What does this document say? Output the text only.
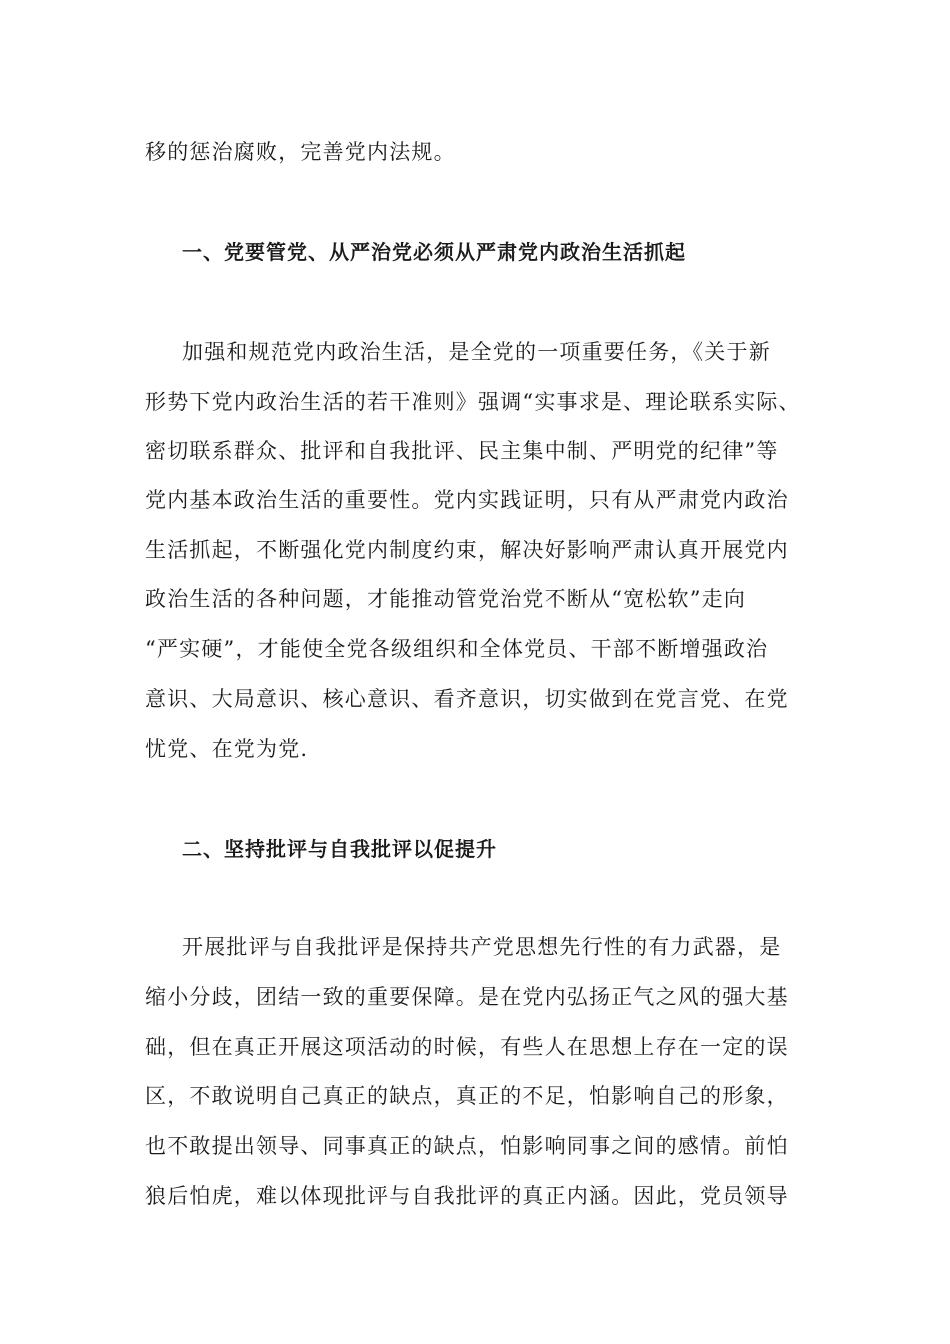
移的惩治腐败，完善党内法规。
一、党要管党、从严治党必须从严肃党内政治生活抓起
加强和规范党内政治生活，是全党的一项重要任务，《关于新
形势下党内政治生活的若干准则》强调“实事求是、理论联系实际、
密切联系群众、批评和自我批评、民主集中制、严明党的纪律”等
党内基本政治生活的重要性。党内实践证明，只有从严肃党内政治
生活抓起，不断强化党内制度约束，解决好影响严肃认真开展党内
政治生活的各种问题，才能推动管党治党不断从“宽松软”走向
“严实硬”，才能使全党各级组织和全体党员、干部不断增强政治
意识、大局意识、核心意识、看齐意识，切实做到在党言党、在党
忧党、在党为党.
二、坚持批评与自我批评以促提升
开展批评与自我批评是保持共产党思想先行性的有力武器，是
缩小分歧，团结一致的重要保障。是在党内弘扬正气之风的强大基
础，但在真正开展这项活动的时候，有些人在思想上存在一定的误
区，不敢说明自己真正的缺点，真正的不足，怕影响自己的形象，
也不敢提出领导、同事真正的缺点，怕影响同事之间的感情。前怕
狼后怕虎，难以体现批评与自我批评的真正内涵。因此，党员领导
